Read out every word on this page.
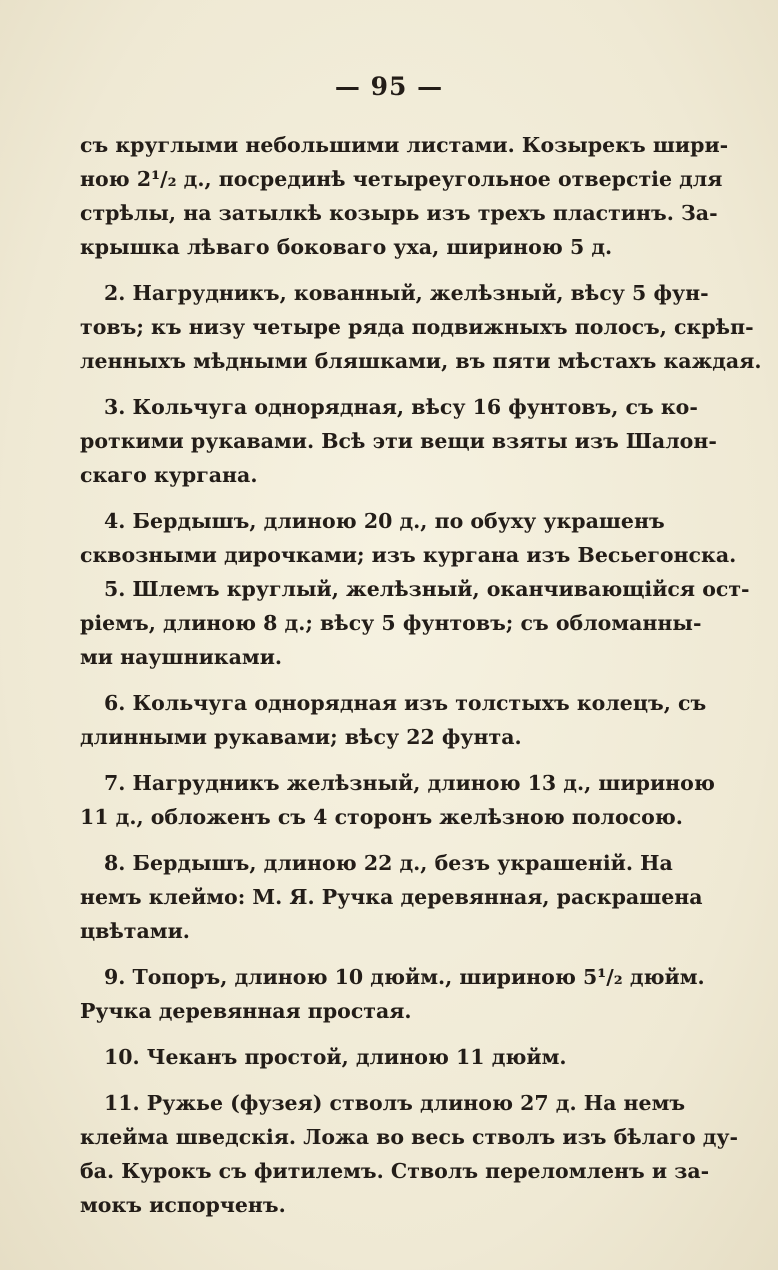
— 95 —
съ круглыми небольшими листами. Козырекъ шири-
ною 2¹/₂ д., посрединѣ четыреугольное отверстіе для
стрѣлы, на затылкѣ козырь изъ трехъ пластинъ. За-
крышка лѣваго боковаго уха, шириною 5 д.
2. Нагрудникъ, кованный, желѣзный, вѣсу 5 фун-
товъ; къ низу четыре ряда подвижныхъ полосъ, скрѣп-
ленныхъ мѣдными бляшками, въ пяти мѣстахъ каждая.
3. Кольчуга однорядная, вѣсу 16 фунтовъ, съ ко-
роткими рукавами. Всѣ эти вещи взяты изъ Шалон-
скаго кургана.
4. Бердышъ, длиною 20 д., по обуху украшенъ
сквозными дирочками; изъ кургана изъ Весьегонска.
5. Шлемъ круглый, желѣзный, оканчивающійся ост-
ріемъ, длиною 8 д.; вѣсу 5 фунтовъ; съ обломанны-
ми наушниками.
6. Кольчуга однорядная изъ толстыхъ колецъ, съ
длинными рукавами; вѣсу 22 фунта.
7. Нагрудникъ желѣзный, длиною 13 д., шириною
11 д., обложенъ съ 4 сторонъ желѣзною полосою.
8. Бердышъ, длиною 22 д., безъ украшеній. На
немъ клеймо: М. Я. Ручка деревянная, раскрашена
цвѣтами.
9. Топоръ, длиною 10 дюйм., шириною 5¹/₂ дюйм.
Ручка деревянная простая.
10. Чеканъ простой, длиною 11 дюйм.
11. Ружье (фузея) стволъ длиною 27 д. На немъ
клейма шведскія. Ложа во весь стволъ изъ бѣлаго ду-
ба. Курокъ съ фитилемъ. Стволъ переломленъ и за-
мокъ испорченъ.
